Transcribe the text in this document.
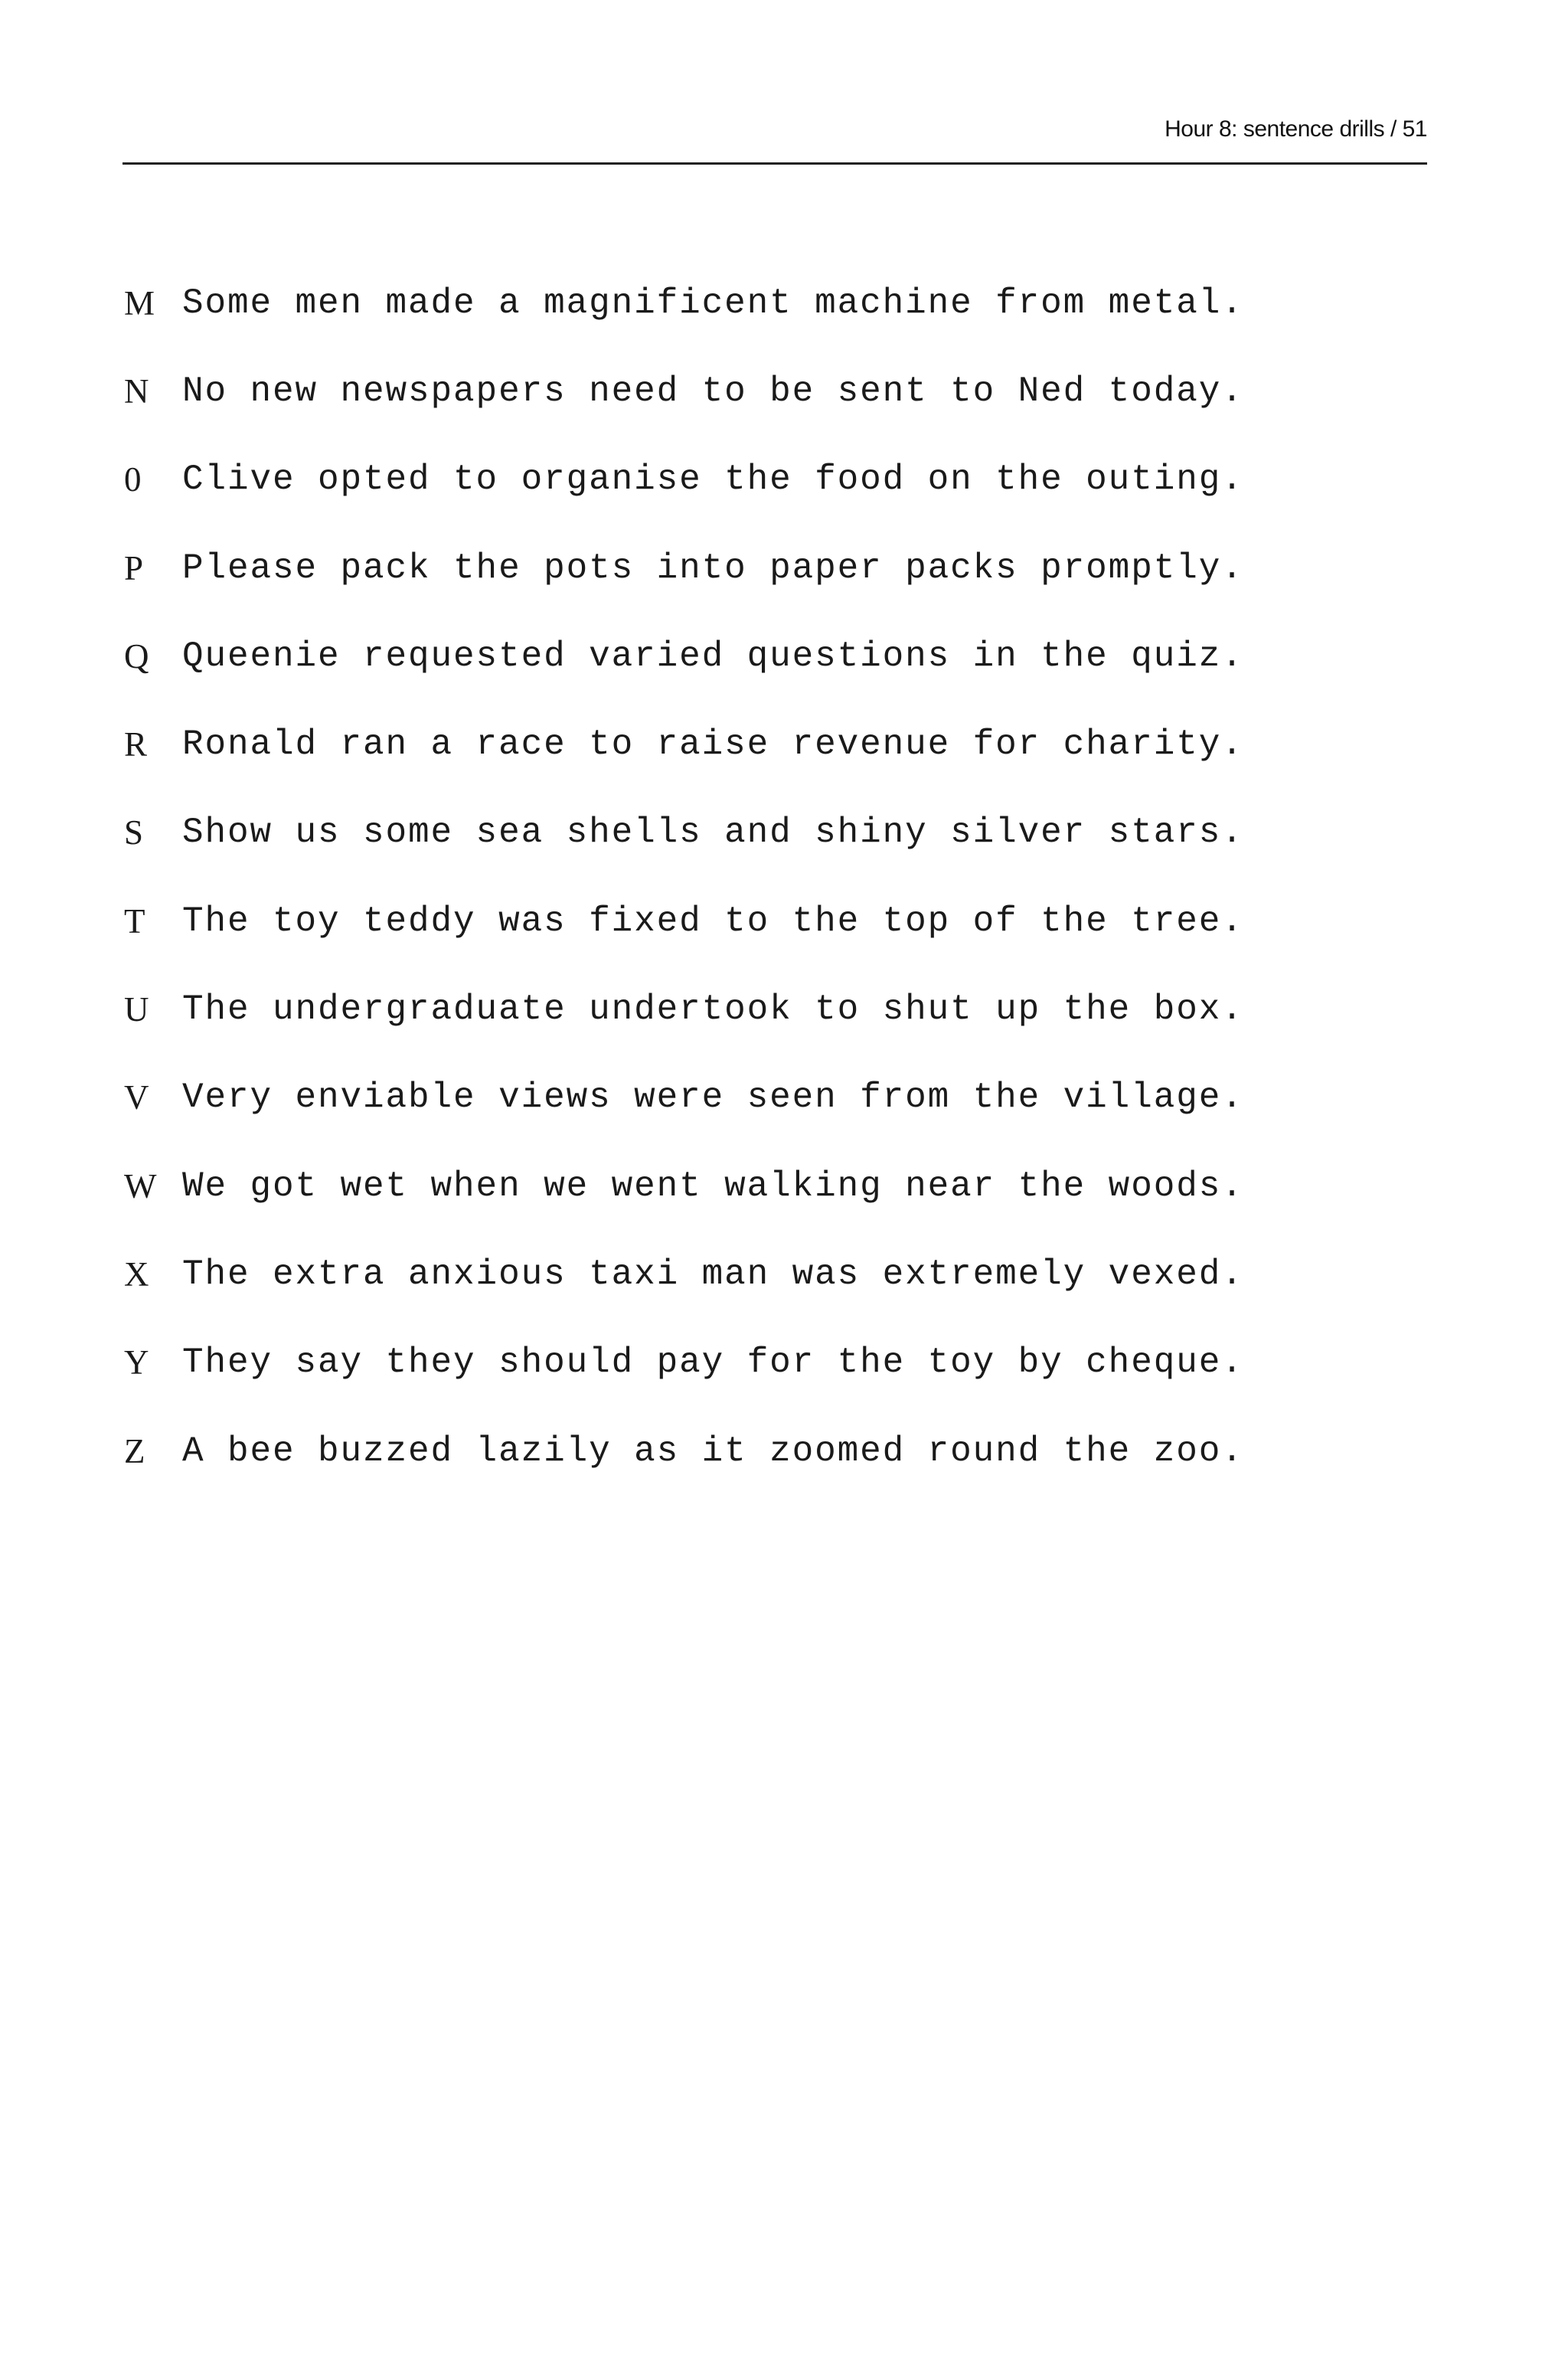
Hour 8: sentence drills / 51
M Some men made a magnificent machine from metal.
N No new newspapers need to be sent to Ned today.
0	Clive opted to organise the food on the outing.
P	Please pack the pots into paper packs promptly.
Q Queenie requested varied questions in the quiz.
R Ronald ran a race to raise revenue for charity.
S	Show us some sea shells and shiny silver stars.
T	The toy teddy was fixed to the top of the tree.
U The undergraduate undertook to shut up the box.
V Very enviable views were seen from the village.
W We got wet when we went walking near the woods.
X The extra anxious taxi man was extremely vexed.
Y They say they should pay for the toy by cheque.
Z	A bee buzzed lazily as it zoomed round the zoo.
